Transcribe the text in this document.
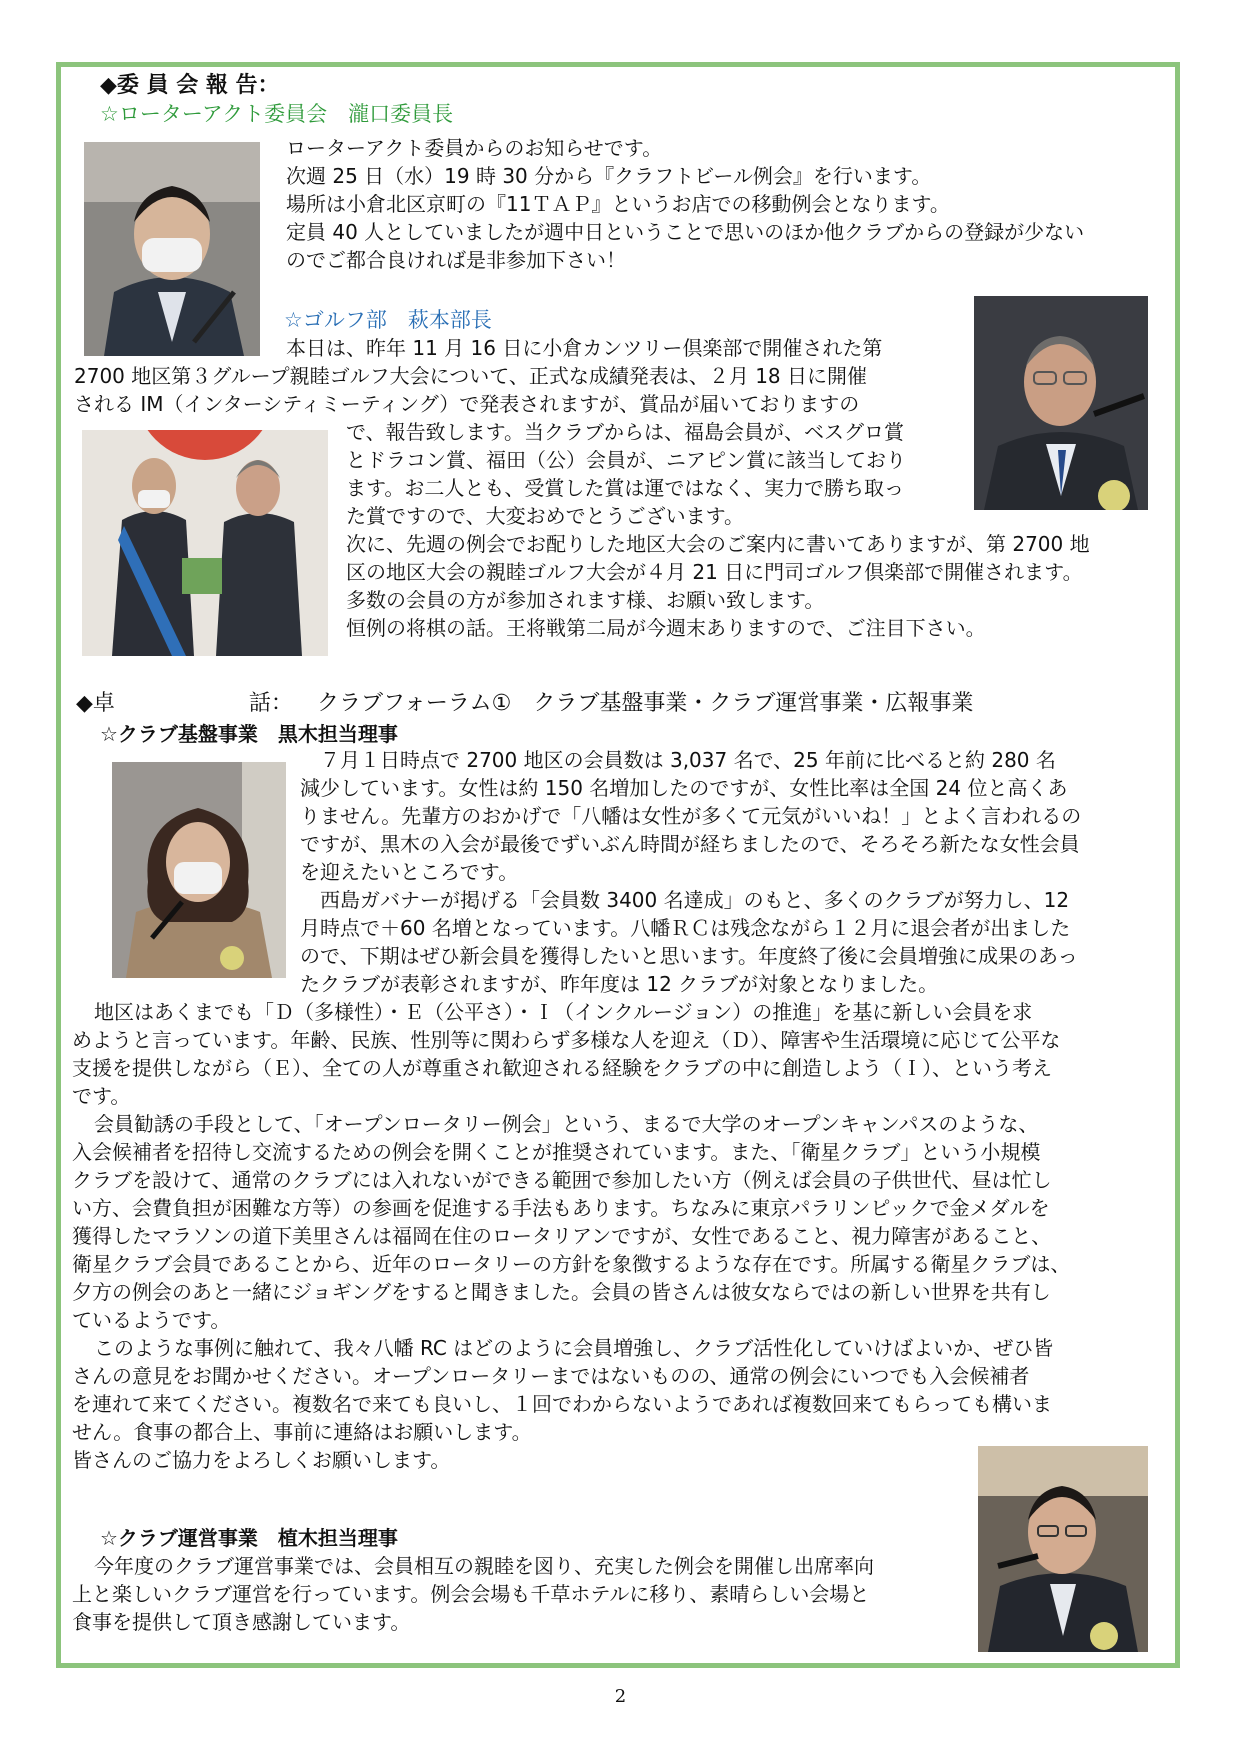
◆委 員 会 報 告：
☆ローターアクト委員会　瀧口委員長
ローターアクト委員からのお知らせです。
次週 25 日（水）19 時 30 分から『クラフトビール例会』を行います。
場所は小倉北区京町の『11ＴＡＰ』というお店での移動例会となります。
定員 40 人としていましたが週中日ということで思いのほか他クラブからの登録が少ない
のでご都合良ければ是非参加下さい！
☆ゴルフ部　萩本部長
本日は、昨年 11 月 16 日に小倉カンツリー倶楽部で開催された第
2700 地区第３グループ親睦ゴルフ大会について、正式な成績発表は、２月 18 日に開催
される IM（インターシティミーティング）で発表されますが、賞品が届いておりますの
で、報告致します。当クラブからは、福島会員が、ベスグロ賞
とドラコン賞、福田（公）会員が、ニアピン賞に該当しており
ます。お二人とも、受賞した賞は運ではなく、実力で勝ち取っ
た賞ですので、大変おめでとうございます。
次に、先週の例会でお配りした地区大会のご案内に書いてありますが、第 2700 地
区の地区大会の親睦ゴルフ大会が４月 21 日に門司ゴルフ倶楽部で開催されます。
多数の会員の方が参加されます様、お願い致します。
恒例の将棋の話。王将戦第二局が今週末ありますので、ご注目下さい。
◆卓	話： クラブフォーラム①　クラブ基盤事業・クラブ運営事業・広報事業
☆クラブ基盤事業　黒木担当理事
７月１日時点で 2700 地区の会員数は 3,037 名で、25 年前に比べると約 280 名
減少しています。女性は約 150 名増加したのですが、女性比率は全国 24 位と高くあ
りません。先輩方のおかげで「八幡は女性が多くて元気がいいね！」とよく言われるの
ですが、黒木の入会が最後でずいぶん時間が経ちましたので、そろそろ新たな女性会員
を迎えたいところです。
西島ガバナーが掲げる「会員数 3400 名達成」のもと、多くのクラブが努力し、12
月時点で＋60 名増となっています。八幡ＲＣは残念ながら１２月に退会者が出ました
ので、下期はぜひ新会員を獲得したいと思います。年度終了後に会員増強に成果のあっ
たクラブが表彰されますが、昨年度は 12 クラブが対象となりました。
地区はあくまでも「Ｄ（多様性）・Ｅ（公平さ）・Ｉ（インクルージョン）の推進」を基に新しい会員を求
めようと言っています。年齢、民族、性別等に関わらず多様な人を迎え（Ｄ）、障害や生活環境に応じて公平な
支援を提供しながら（Ｅ）、全ての人が尊重され歓迎される経験をクラブの中に創造しよう（Ｉ）、という考え
です。
会員勧誘の手段として、「オープンロータリー例会」という、まるで大学のオープンキャンパスのような、
入会候補者を招待し交流するための例会を開くことが推奨されています。また、「衛星クラブ」という小規模
クラブを設けて、通常のクラブには入れないができる範囲で参加したい方（例えば会員の子供世代、昼は忙し
い方、会費負担が困難な方等）の参画を促進する手法もあります。ちなみに東京パラリンピックで金メダルを
獲得したマラソンの道下美里さんは福岡在住のロータリアンですが、女性であること、視力障害があること、
衛星クラブ会員であることから、近年のロータリーの方針を象徴するような存在です。所属する衛星クラブは、
夕方の例会のあと一緒にジョギングをすると聞きました。会員の皆さんは彼女ならではの新しい世界を共有し
ているようです。
このような事例に触れて、我々八幡 RC はどのように会員増強し、クラブ活性化していけばよいか、ぜひ皆
さんの意見をお聞かせください。オープンロータリーまではないものの、通常の例会にいつでも入会候補者
を連れて来てください。複数名で来ても良いし、１回でわからないようであれば複数回来てもらっても構いま
せん。食事の都合上、事前に連絡はお願いします。
皆さんのご協力をよろしくお願いします。
☆クラブ運営事業　植木担当理事
今年度のクラブ運営事業では、会員相互の親睦を図り、充実した例会を開催し出席率向
上と楽しいクラブ運営を行っています。例会会場も千草ホテルに移り、素晴らしい会場と
食事を提供して頂き感謝しています。
2
